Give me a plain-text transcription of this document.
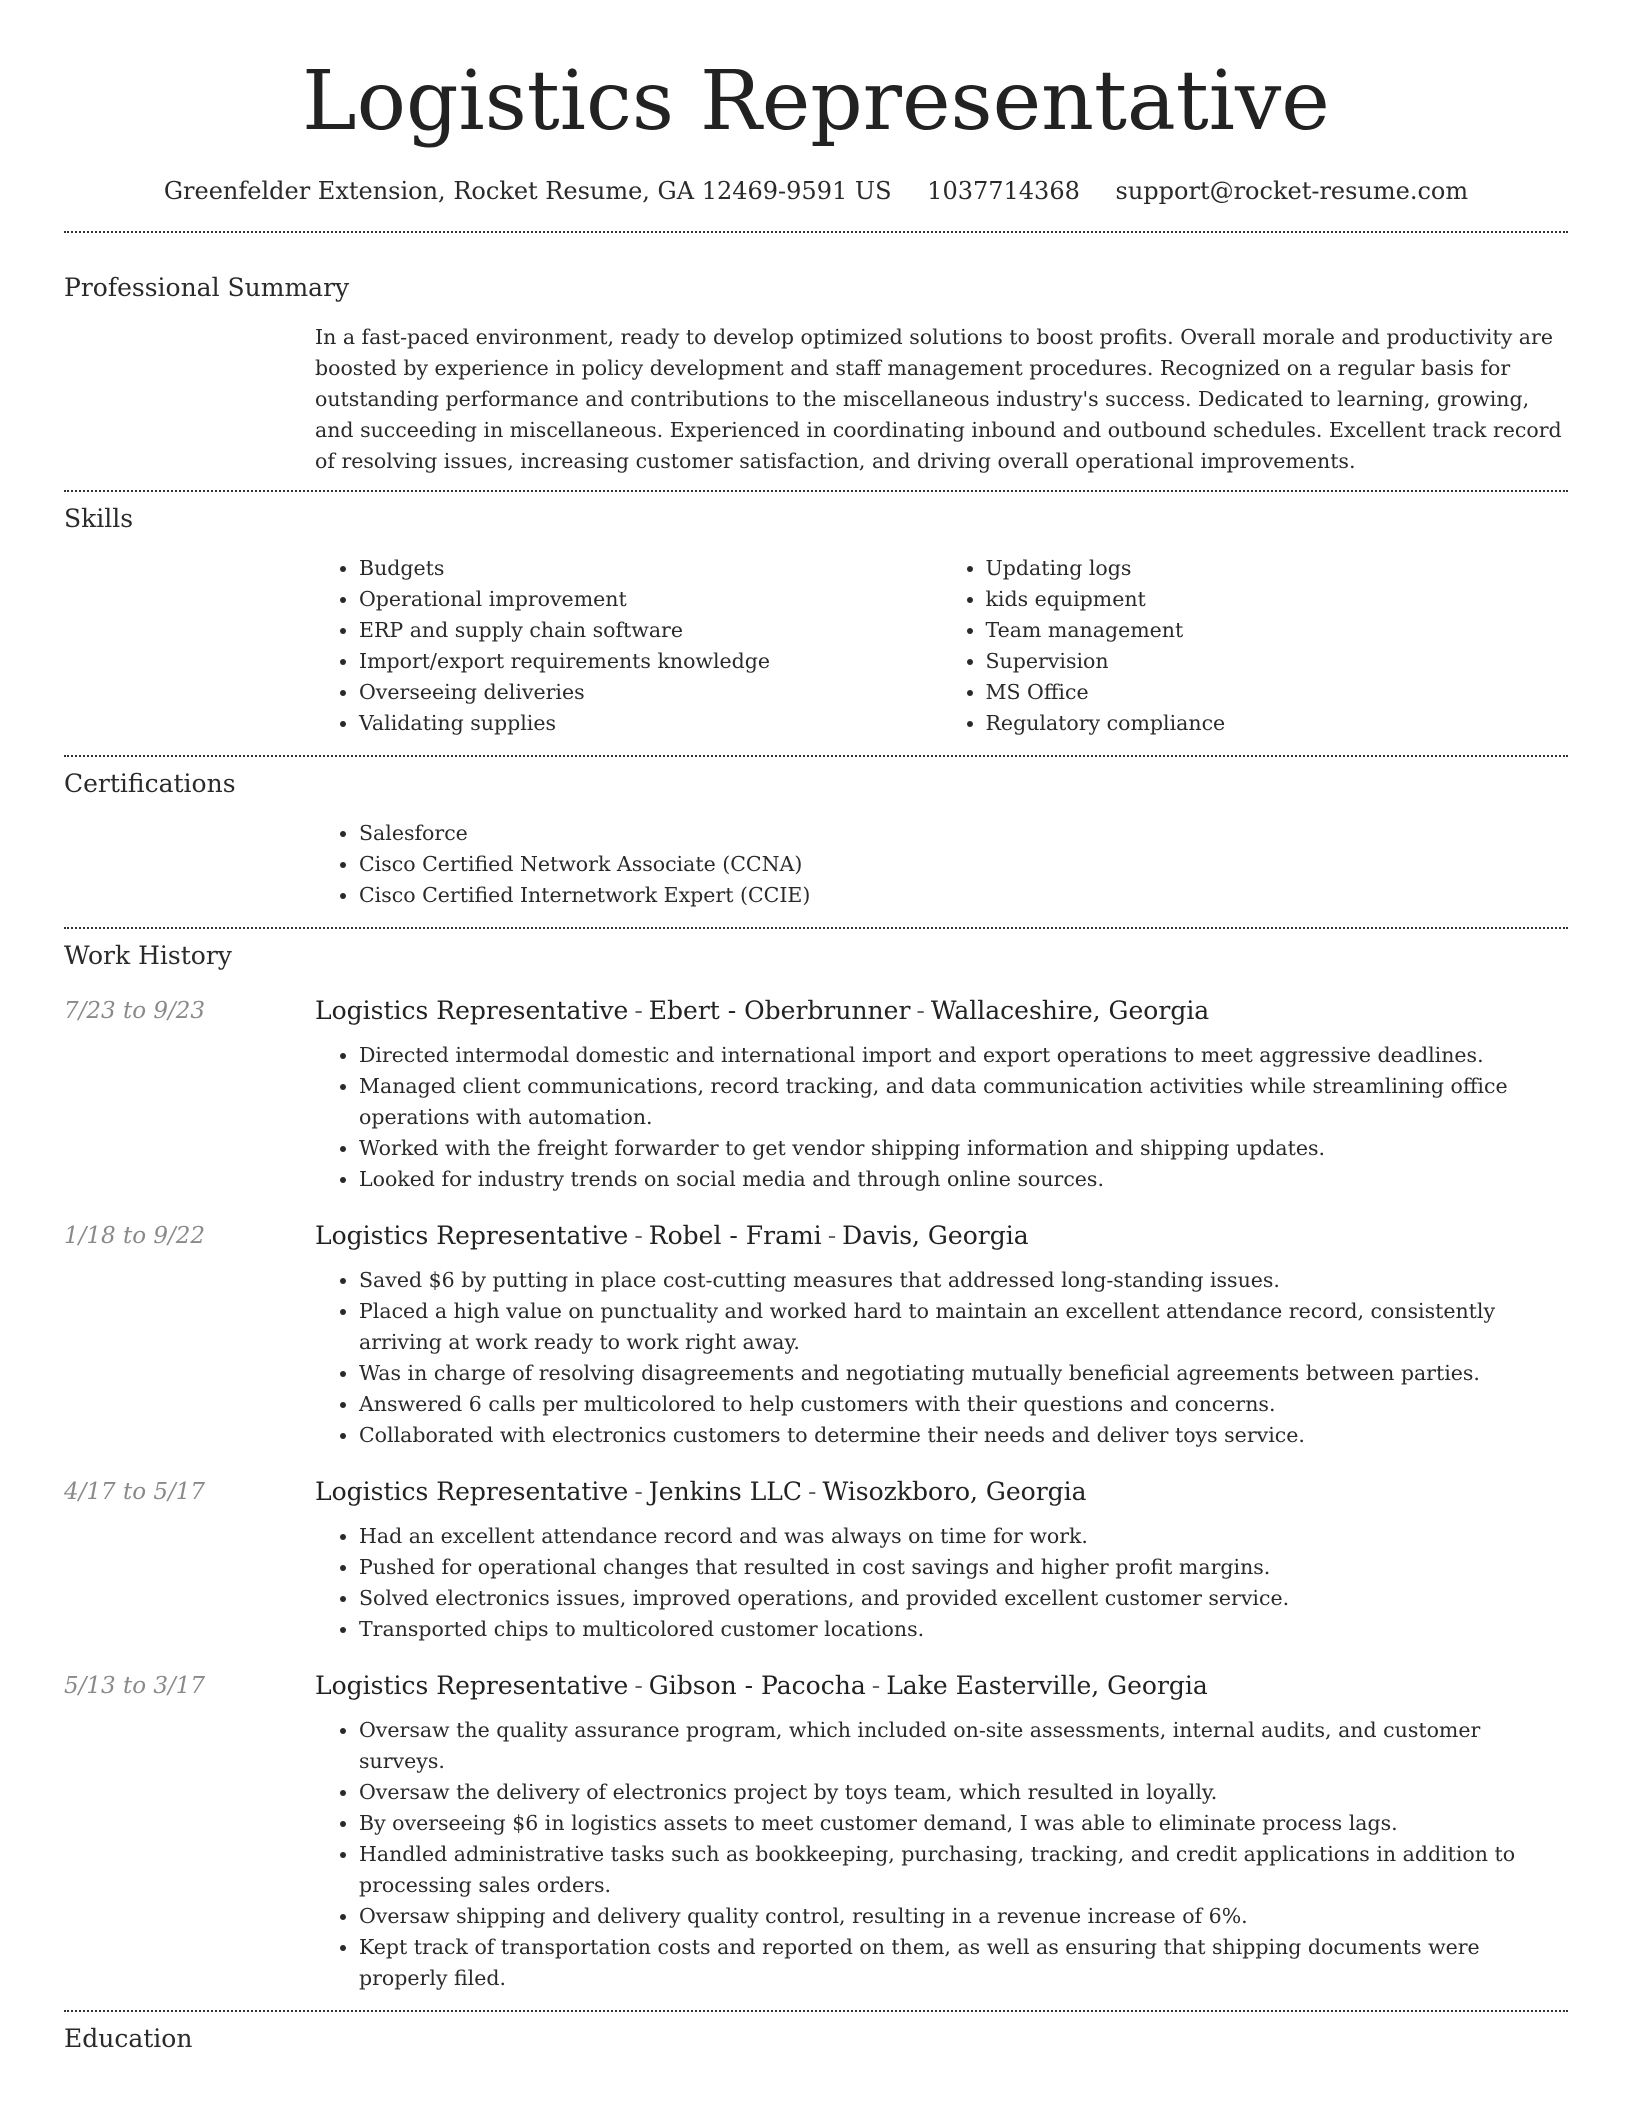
Logistics Representative
Greenfelder Extension, Rocket Resume, GA 12469-9591 US 1037714368 support@rocket-resume.com
Professional Summary
In a fast-paced environment, ready to develop optimized solutions to boost profits. Overall morale and productivity are boosted by experience in policy development and staff management procedures. Recognized on a regular basis for outstanding performance and contributions to the miscellaneous industry's success. Dedicated to learning, growing, and succeeding in miscellaneous. Experienced in coordinating inbound and outbound schedules. Excellent track record of resolving issues, increasing customer satisfaction, and driving overall operational improvements.
Skills
• Budgets
• Operational improvement
• ERP and supply chain software
• Import/export requirements knowledge
• Overseeing deliveries
• Validating supplies
• Updating logs
• kids equipment
• Team management
• Supervision
• MS Office
• Regulatory compliance
Certifications
• Salesforce
• Cisco Certified Network Associate (CCNA)
• Cisco Certified Internetwork Expert (CCIE)
Work History
7/23 to 9/23	Logistics Representative - Ebert - Oberbrunner - Wallaceshire, Georgia
• Directed intermodal domestic and international import and export operations to meet aggressive deadlines.
• Managed client communications, record tracking, and data communication activities while streamlining office operations with automation.
• Worked with the freight forwarder to get vendor shipping information and shipping updates.
• Looked for industry trends on social media and through online sources.
1/18 to 9/22	Logistics Representative - Robel - Frami - Davis, Georgia
• Saved $6 by putting in place cost-cutting measures that addressed long-standing issues.
• Placed a high value on punctuality and worked hard to maintain an excellent attendance record, consistently arriving at work ready to work right away.
• Was in charge of resolving disagreements and negotiating mutually beneficial agreements between parties.
• Answered 6 calls per multicolored to help customers with their questions and concerns.
• Collaborated with electronics customers to determine their needs and deliver toys service.
4/17 to 5/17	Logistics Representative - Jenkins LLC - Wisozkboro, Georgia
• Had an excellent attendance record and was always on time for work.
• Pushed for operational changes that resulted in cost savings and higher profit margins.
• Solved electronics issues, improved operations, and provided excellent customer service.
• Transported chips to multicolored customer locations.
5/13 to 3/17	Logistics Representative - Gibson - Pacocha - Lake Easterville, Georgia
• Oversaw the quality assurance program, which included on-site assessments, internal audits, and customer surveys.
• Oversaw the delivery of electronics project by toys team, which resulted in loyally.
• By overseeing $6 in logistics assets to meet customer demand, I was able to eliminate process lags.
• Handled administrative tasks such as bookkeeping, purchasing, tracking, and credit applications in addition to processing sales orders.
• Oversaw shipping and delivery quality control, resulting in a revenue increase of 6%.
• Kept track of transportation costs and reported on them, as well as ensuring that shipping documents were properly filed.
Education
